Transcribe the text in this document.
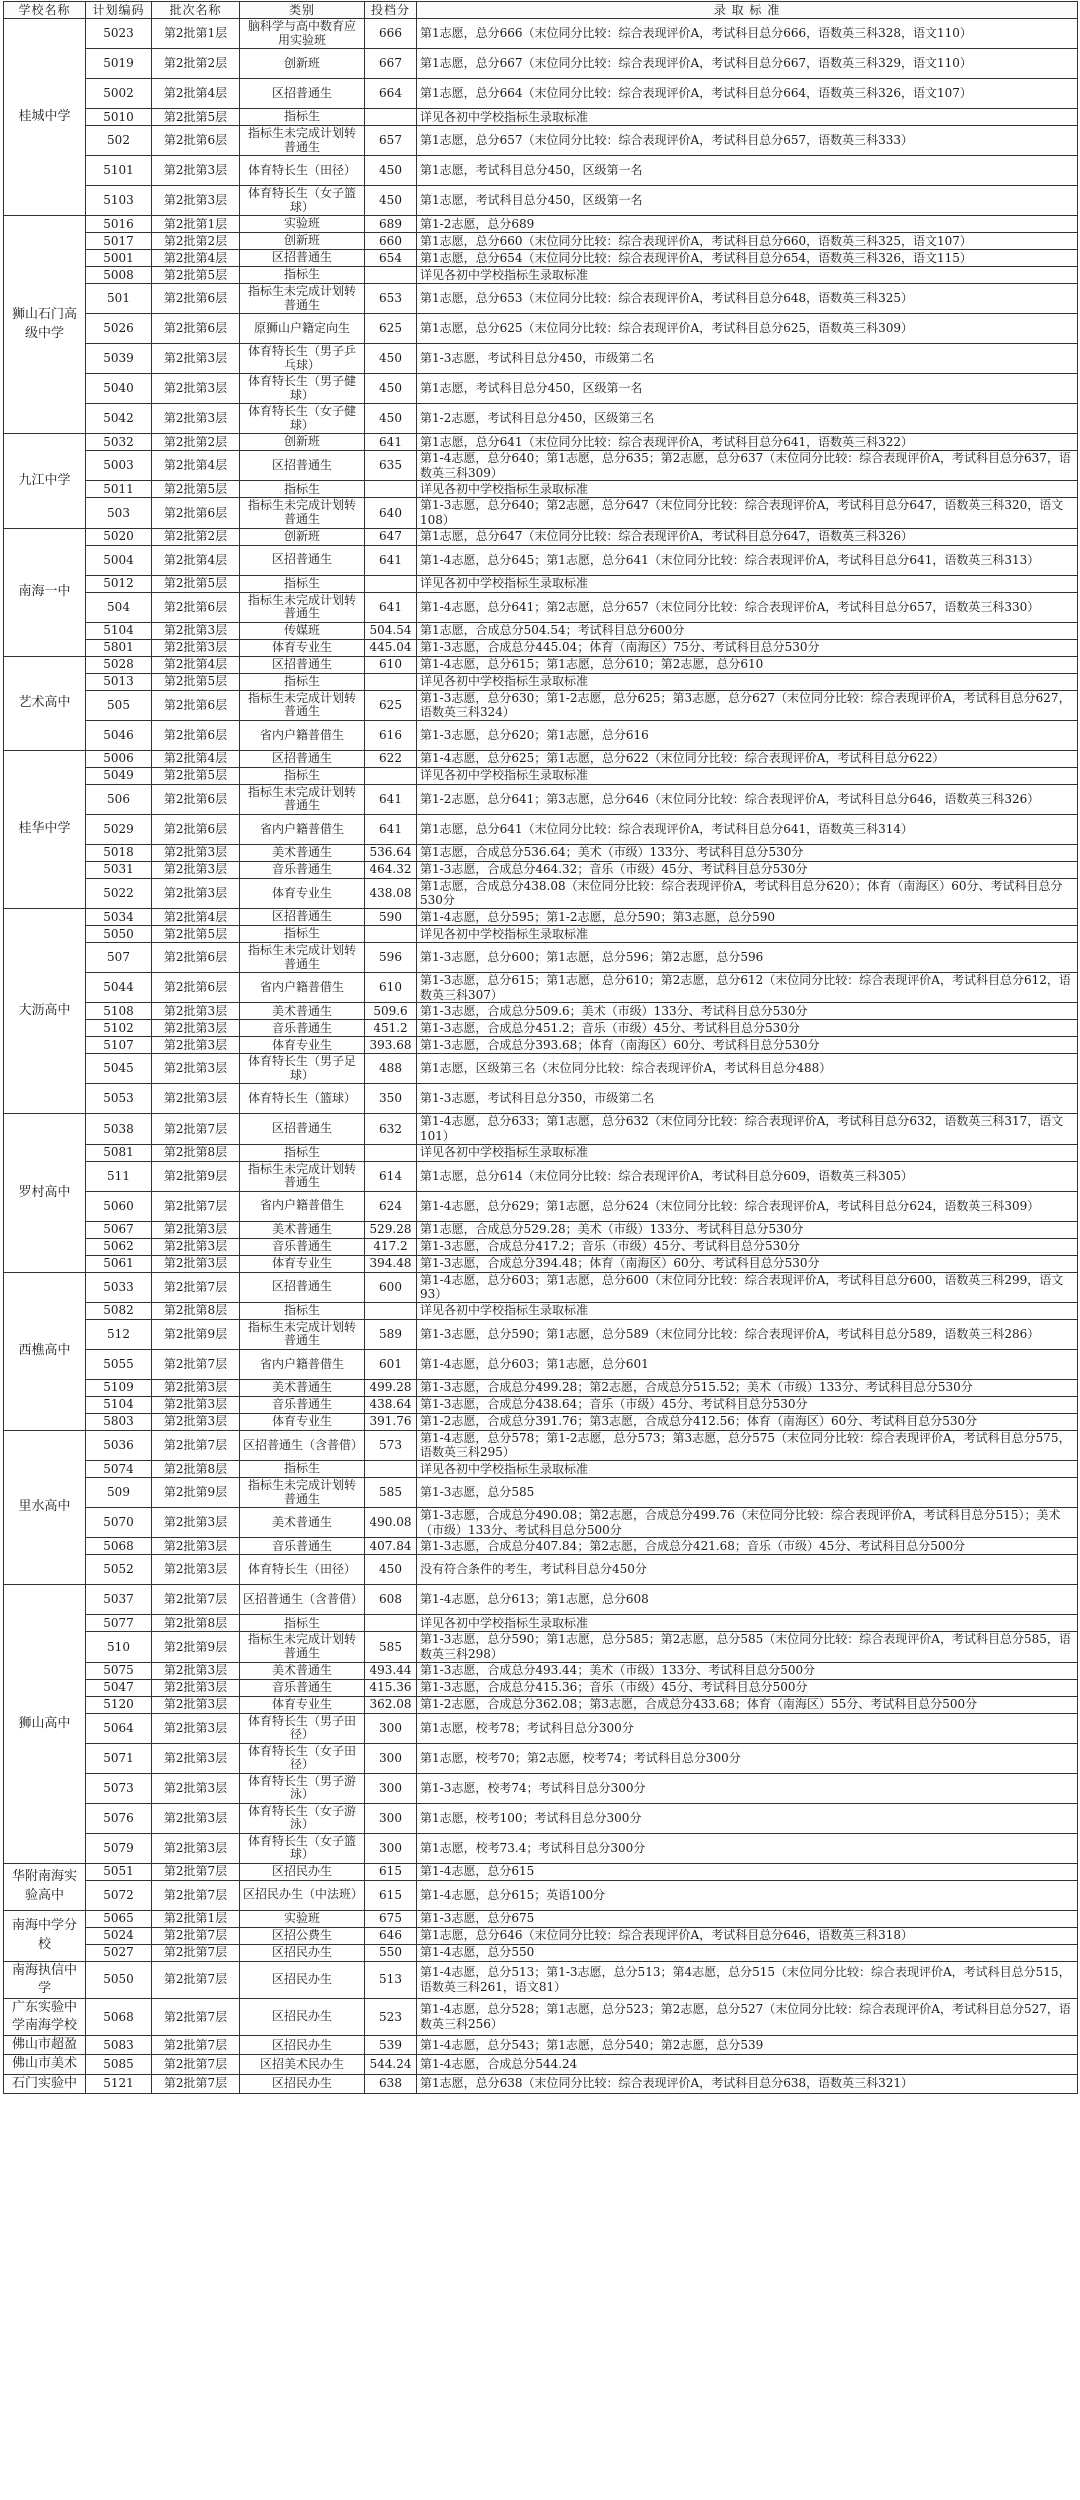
学校名称	计划编码	批次名称	类别	投档分	录 取 标 准
桂城中学	5023	第2批第1层	脑科学与高中数育应用实验班	666	第1志愿，总分666（末位同分比较：综合表现评价A，考试科目总分666，语数英三科328，语文110）
	5019	第2批第2层	创新班	667	第1志愿，总分667（末位同分比较：综合表现评价A，考试科目总分667，语数英三科329，语文110）
	5002	第2批第4层	区招普通生	664	第1志愿，总分664（末位同分比较：综合表现评价A，考试科目总分664，语数英三科326，语文107）
	5010	第2批第5层	指标生		详见各初中学校指标生录取标准
	502	第2批第6层	指标生未完成计划转普通生	657	第1志愿，总分657（末位同分比较：综合表现评价A，考试科目总分657，语数英三科333）
	5101	第2批第3层	体育特长生（田径）	450	第1志愿，考试科目总分450，区级第一名
	5103	第2批第3层	体育特长生（女子篮球）	450	第1志愿，考试科目总分450，区级第一名
狮山石门高级中学	5016	第2批第1层	实验班	689	第1-2志愿，总分689
	5017	第2批第2层	创新班	660	第1志愿，总分660（末位同分比较：综合表现评价A，考试科目总分660，语数英三科325，语文107）
	5001	第2批第4层	区招普通生	654	第1志愿，总分654（末位同分比较：综合表现评价A，考试科目总分654，语数英三科326，语文115）
	5008	第2批第5层	指标生		详见各初中学校指标生录取标准
	501	第2批第6层	指标生未完成计划转普通生	653	第1志愿，总分653（末位同分比较：综合表现评价A，考试科目总分648，语数英三科325）
	5026	第2批第6层	原狮山户籍定向生	625	第1志愿，总分625（末位同分比较：综合表现评价A，考试科目总分625，语数英三科309）
	5039	第2批第3层	体育特长生（男子乒乓球）	450	第1-3志愿，考试科目总分450，市级第二名
	5040	第2批第3层	体育特长生（男子健球）	450	第1志愿，考试科目总分450，区级第一名
	5042	第2批第3层	体育特长生（女子健球）	450	第1-2志愿，考试科目总分450，区级第三名
九江中学	5032	第2批第2层	创新班	641	第1志愿，总分641（末位同分比较：综合表现评价A，考试科目总分641，语数英三科322）
	5003	第2批第4层	区招普通生	635	第1-4志愿，总分640；第1志愿，总分635；第2志愿，总分637（末位同分比较：综合表现评价A，考试科目总分637，语数英三科309）
	5011	第2批第5层	指标生		详见各初中学校指标生录取标准
	503	第2批第6层	指标生未完成计划转普通生	640	第1-3志愿，总分640；第2志愿，总分647（末位同分比较：综合表现评价A，考试科目总分647，语数英三科320，语文108）
南海一中	5020	第2批第2层	创新班	647	第1志愿，总分647（末位同分比较：综合表现评价A，考试科目总分647，语数英三科326）
	5004	第2批第4层	区招普通生	641	第1-4志愿，总分645；第1志愿，总分641（末位同分比较：综合表现评价A，考试科目总分641，语数英三科313）
	5012	第2批第5层	指标生		详见各初中学校指标生录取标准
	504	第2批第6层	指标生未完成计划转普通生	641	第1-4志愿，总分641；第2志愿，总分657（末位同分比较：综合表现评价A，考试科目总分657，语数英三科330）
	5104	第2批第3层	传媒班	504.54	第1志愿，合成总分504.54；考试科目总分600分
	5801	第2批第3层	体育专业生	445.04	第1-3志愿，合成总分445.04；体育（南海区）75分、考试科目总分530分
艺术高中	5028	第2批第4层	区招普通生	610	第1-4志愿，总分615；第1志愿，总分610；第2志愿，总分610
	5013	第2批第5层	指标生		详见各初中学校指标生录取标准
	505	第2批第6层	指标生未完成计划转普通生	625	第1-3志愿，总分630；第1-2志愿，总分625；第3志愿，总分627（末位同分比较：综合表现评价A，考试科目总分627，语数英三科324）
	5046	第2批第6层	省内户籍普借生	616	第1-3志愿，总分620；第1志愿，总分616
桂华中学	5006	第2批第4层	区招普通生	622	第1-4志愿，总分625；第1志愿，总分622（末位同分比较：综合表现评价A，考试科目总分622）
	5049	第2批第5层	指标生		详见各初中学校指标生录取标准
	506	第2批第6层	指标生未完成计划转普通生	641	第1-2志愿，总分641；第3志愿，总分646（末位同分比较：综合表现评价A，考试科目总分646，语数英三科326）
	5029	第2批第6层	省内户籍普借生	641	第1志愿，总分641（末位同分比较：综合表现评价A，考试科目总分641，语数英三科314）
	5018	第2批第3层	美术普通生	536.64	第1志愿，合成总分536.64；美术（市级）133分、考试科目总分530分
	5031	第2批第3层	音乐普通生	464.32	第1-3志愿，合成总分464.32；音乐（市级）45分、考试科目总分530分
	5022	第2批第3层	体育专业生	438.08	第1志愿，合成总分438.08（末位同分比较：综合表现评价A，考试科目总分620）；体育（南海区）60分、考试科目总分530分
大沥高中	5034	第2批第4层	区招普通生	590	第1-4志愿，总分595；第1-2志愿，总分590；第3志愿，总分590
	5050	第2批第5层	指标生		详见各初中学校指标生录取标准
	507	第2批第6层	指标生未完成计划转普通生	596	第1-3志愿，总分600；第1志愿，总分596；第2志愿，总分596
	5044	第2批第6层	省内户籍普借生	610	第1-3志愿，总分615；第1志愿，总分610；第2志愿，总分612（末位同分比较：综合表现评价A，考试科目总分612，语数英三科307）
	5108	第2批第3层	美术普通生	509.6	第1-3志愿，合成总分509.6；美术（市级）133分、考试科目总分530分
	5102	第2批第3层	音乐普通生	451.2	第1-3志愿，合成总分451.2；音乐（市级）45分、考试科目总分530分
	5107	第2批第3层	体育专业生	393.68	第1-3志愿，合成总分393.68；体育（南海区）60分、考试科目总分530分
	5045	第2批第3层	体育特长生（男子足球）	488	第1志愿，区级第三名（末位同分比较：综合表现评价A，考试科目总分488）
	5053	第2批第3层	体育特长生（篮球）	350	第1-3志愿，考试科目总分350，市级第二名
罗村高中	5038	第2批第7层	区招普通生	632	第1-4志愿，总分633；第1志愿，总分632（末位同分比较：综合表现评价A，考试科目总分632，语数英三科317，语文101）
	5081	第2批第8层	指标生		详见各初中学校指标生录取标准
	511	第2批第9层	指标生未完成计划转普通生	614	第1志愿，总分614（末位同分比较：综合表现评价A，考试科目总分609，语数英三科305）
	5060	第2批第7层	省内户籍普借生	624	第1-4志愿，总分629；第1志愿，总分624（末位同分比较：综合表现评价A，考试科目总分624，语数英三科309）
	5067	第2批第3层	美术普通生	529.28	第1志愿，合成总分529.28；美术（市级）133分、考试科目总分530分
	5062	第2批第3层	音乐普通生	417.2	第1-3志愿，合成总分417.2；音乐（市级）45分、考试科目总分530分
	5061	第2批第3层	体育专业生	394.48	第1-3志愿，合成总分394.48；体育（南海区）60分、考试科目总分530分
西樵高中	5033	第2批第7层	区招普通生	600	第1-4志愿，总分603；第1志愿，总分600（末位同分比较：综合表现评价A，考试科目总分600，语数英三科299，语文93）
	5082	第2批第8层	指标生		详见各初中学校指标生录取标准
	512	第2批第9层	指标生未完成计划转普通生	589	第1-3志愿，总分590；第1志愿，总分589（末位同分比较：综合表现评价A，考试科目总分589，语数英三科286）
	5055	第2批第7层	省内户籍普借生	601	第1-4志愿，总分603；第1志愿，总分601
	5109	第2批第3层	美术普通生	499.28	第1-3志愿，合成总分499.28；第2志愿，合成总分515.52；美术（市级）133分、考试科目总分530分
	5104	第2批第3层	音乐普通生	438.64	第1-3志愿，合成总分438.64；音乐（市级）45分、考试科目总分530分
	5803	第2批第3层	体育专业生	391.76	第1-2志愿，合成总分391.76；第3志愿，合成总分412.56；体育（南海区）60分、考试科目总分530分
里水高中	5036	第2批第7层	区招普通生（含普借）	573	第1-4志愿，总分578；第1-2志愿，总分573；第3志愿，总分575（末位同分比较：综合表现评价A，考试科目总分575，语数英三科295）
	5074	第2批第8层	指标生		详见各初中学校指标生录取标准
	509	第2批第9层	指标生未完成计划转普通生	585	第1-3志愿，总分585
	5070	第2批第3层	美术普通生	490.08	第1-3志愿，合成总分490.08；第2志愿，合成总分499.76（末位同分比较：综合表现评价A，考试科目总分515）；美术（市级）133分、考试科目总分500分
	5068	第2批第3层	音乐普通生	407.84	第1-3志愿，合成总分407.84；第2志愿，合成总分421.68；音乐（市级）45分、考试科目总分500分
	5052	第2批第3层	体育特长生（田径）	450	没有符合条件的考生，考试科目总分450分
狮山高中	5037	第2批第7层	区招普通生（含普借）	608	第1-4志愿，总分613；第1志愿，总分608
	5077	第2批第8层	指标生		详见各初中学校指标生录取标准
	510	第2批第9层	指标生未完成计划转普通生	585	第1-3志愿，总分590；第1志愿，总分585；第2志愿，总分585（末位同分比较：综合表现评价A，考试科目总分585，语数英三科298）
	5075	第2批第3层	美术普通生	493.44	第1-3志愿，合成总分493.44；美术（市级）133分、考试科目总分500分
	5047	第2批第3层	音乐普通生	415.36	第1-3志愿，合成总分415.36；音乐（市级）45分、考试科目总分500分
	5120	第2批第3层	体育专业生	362.08	第1-2志愿，合成总分362.08；第3志愿，合成总分433.68；体育（南海区）55分、考试科目总分500分
	5064	第2批第3层	体育特长生（男子田径）	300	第1志愿，校考78；考试科目总分300分
	5071	第2批第3层	体育特长生（女子田径）	300	第1志愿，校考70；第2志愿，校考74；考试科目总分300分
	5073	第2批第3层	体育特长生（男子游泳）	300	第1-3志愿，校考74；考试科目总分300分
	5076	第2批第3层	体育特长生（女子游泳）	300	第1志愿，校考100；考试科目总分300分
	5079	第2批第3层	体育特长生（女子篮球）	300	第1志愿，校考73.4；考试科目总分300分
华附南海实验高中	5051	第2批第7层	区招民办生	615	第1-4志愿，总分615
	5072	第2批第7层	区招民办生（中法班）	615	第1-4志愿，总分615；英语100分
南海中学分校	5065	第2批第1层	实验班	675	第1-3志愿，总分675
	5024	第2批第7层	区招公费生	646	第1志愿，总分646（末位同分比较：综合表现评价A，考试科目总分646，语数英三科318）
	5027	第2批第7层	区招民办生	550	第1-4志愿，总分550
南海执信中学	5050	第2批第7层	区招民办生	513	第1-4志愿，总分513；第1-3志愿，总分513；第4志愿，总分515（末位同分比较：综合表现评价A，考试科目总分515，语数英三科261，语文81）
广东实验中学南海学校	5068	第2批第7层	区招民办生	523	第1-4志愿，总分528；第1志愿，总分523；第2志愿，总分527（末位同分比较：综合表现评价A，考试科目总分527，语数英三科256）
佛山市超盈	5083	第2批第7层	区招民办生	539	第1-4志愿，总分543；第1志愿，总分540；第2志愿，总分539
佛山市美术	5085	第2批第7层	区招美术民办生	544.24	第1-4志愿，合成总分544.24
石门实验中	5121	第2批第7层	区招民办生	638	第1志愿，总分638（末位同分比较：综合表现评价A，考试科目总分638，语数英三科321）
